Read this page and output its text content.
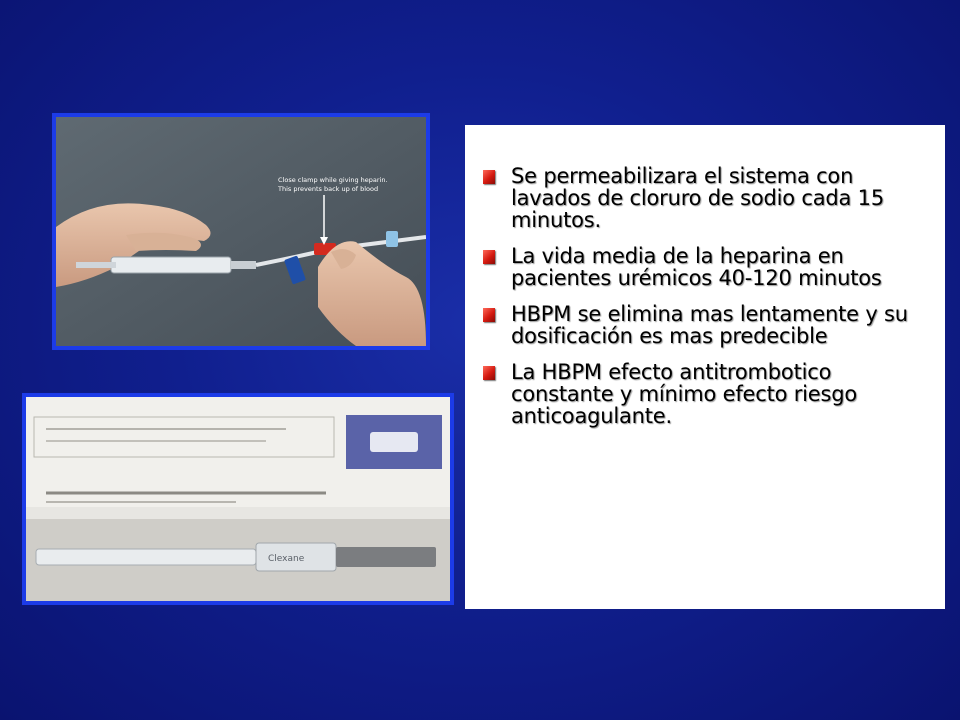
Close clamp while giving heparin.
This prevents back up of blood
Clexane
Se permeabilizara el sistema con lavados de cloruro de sodio cada 15 minutos.
La vida media de la heparina en pacientes urémicos 40-120 minutos
HBPM se elimina mas lentamente y su dosificación es mas predecible
La HBPM efecto antitrombotico constante y mínimo efecto riesgo anticoagulante.
